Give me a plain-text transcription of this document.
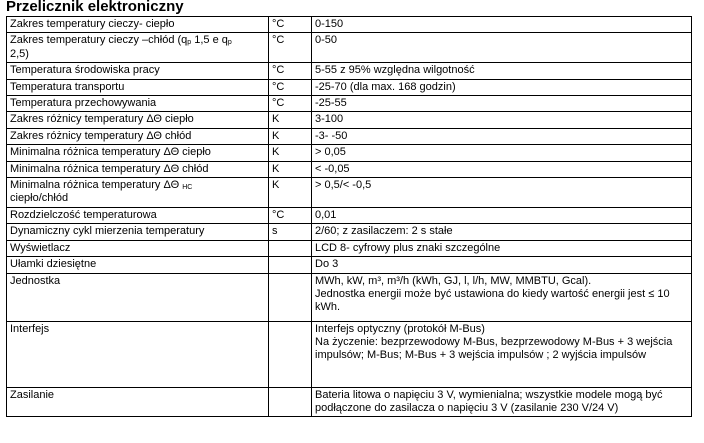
Przelicznik elektroniczny
Zakres temperatury cieczy- ciepło	°C	0-150
Zakres temperatury cieczy –chłód ($q_p$ 1,5 e $q_p$
2,5)	°C	0-50
Temperatura środowiska pracy	°C	5-55 z 95% względna wilgotność
Temperatura transportu	°C	-25-70 (dla max. 168 godzin)
Temperatura przechowywania	°C	-25-55
Zakres różnicy temperatury ΔΘ ciepło	K	3-100
Zakres różnicy temperatury ΔΘ chłód	K	-3- -50
Minimalna różnica temperatury ΔΘ ciepło	K	> 0,05
Minimalna różnica temperatury ΔΘ chłód	K	< -0,05
Minimalna różnica temperatury ΔΘ $_{HC}$
ciepło/chłód	K	> 0,5/< -0,5
Rozdzielczość temperaturowa	°C	0,01
Dynamiczny cykl mierzenia temperatury	s	2/60; z zasilaczem: 2 s stałe
Wyświetlacz		LCD 8- cyfrowy plus znaki szczególne
Ułamki dziesiętne		Do 3
Jednostka		MWh, kW, m³, m³/h (kWh, GJ, l, l/h, MW, MMBTU, Gcal).
Jednostka energii może być ustawiona do kiedy wartość energii jest ≤ 10 kWh.

Interfejs		Interfejs optyczny (protokół M-Bus)
Na życzenie: bezprzewodowy M-Bus, bezprzewodowy M-Bus + 3 wejścia impulsów; M-Bus; M-Bus + 3 wejścia impulsów ; 2 wyjścia impulsów

Zasilanie		Bateria litowa o napięciu 3 V, wymienialna; wszystkie modele mogą być podłączone do zasilacza o napięciu 3 V (zasilanie 230 V/24 V)
